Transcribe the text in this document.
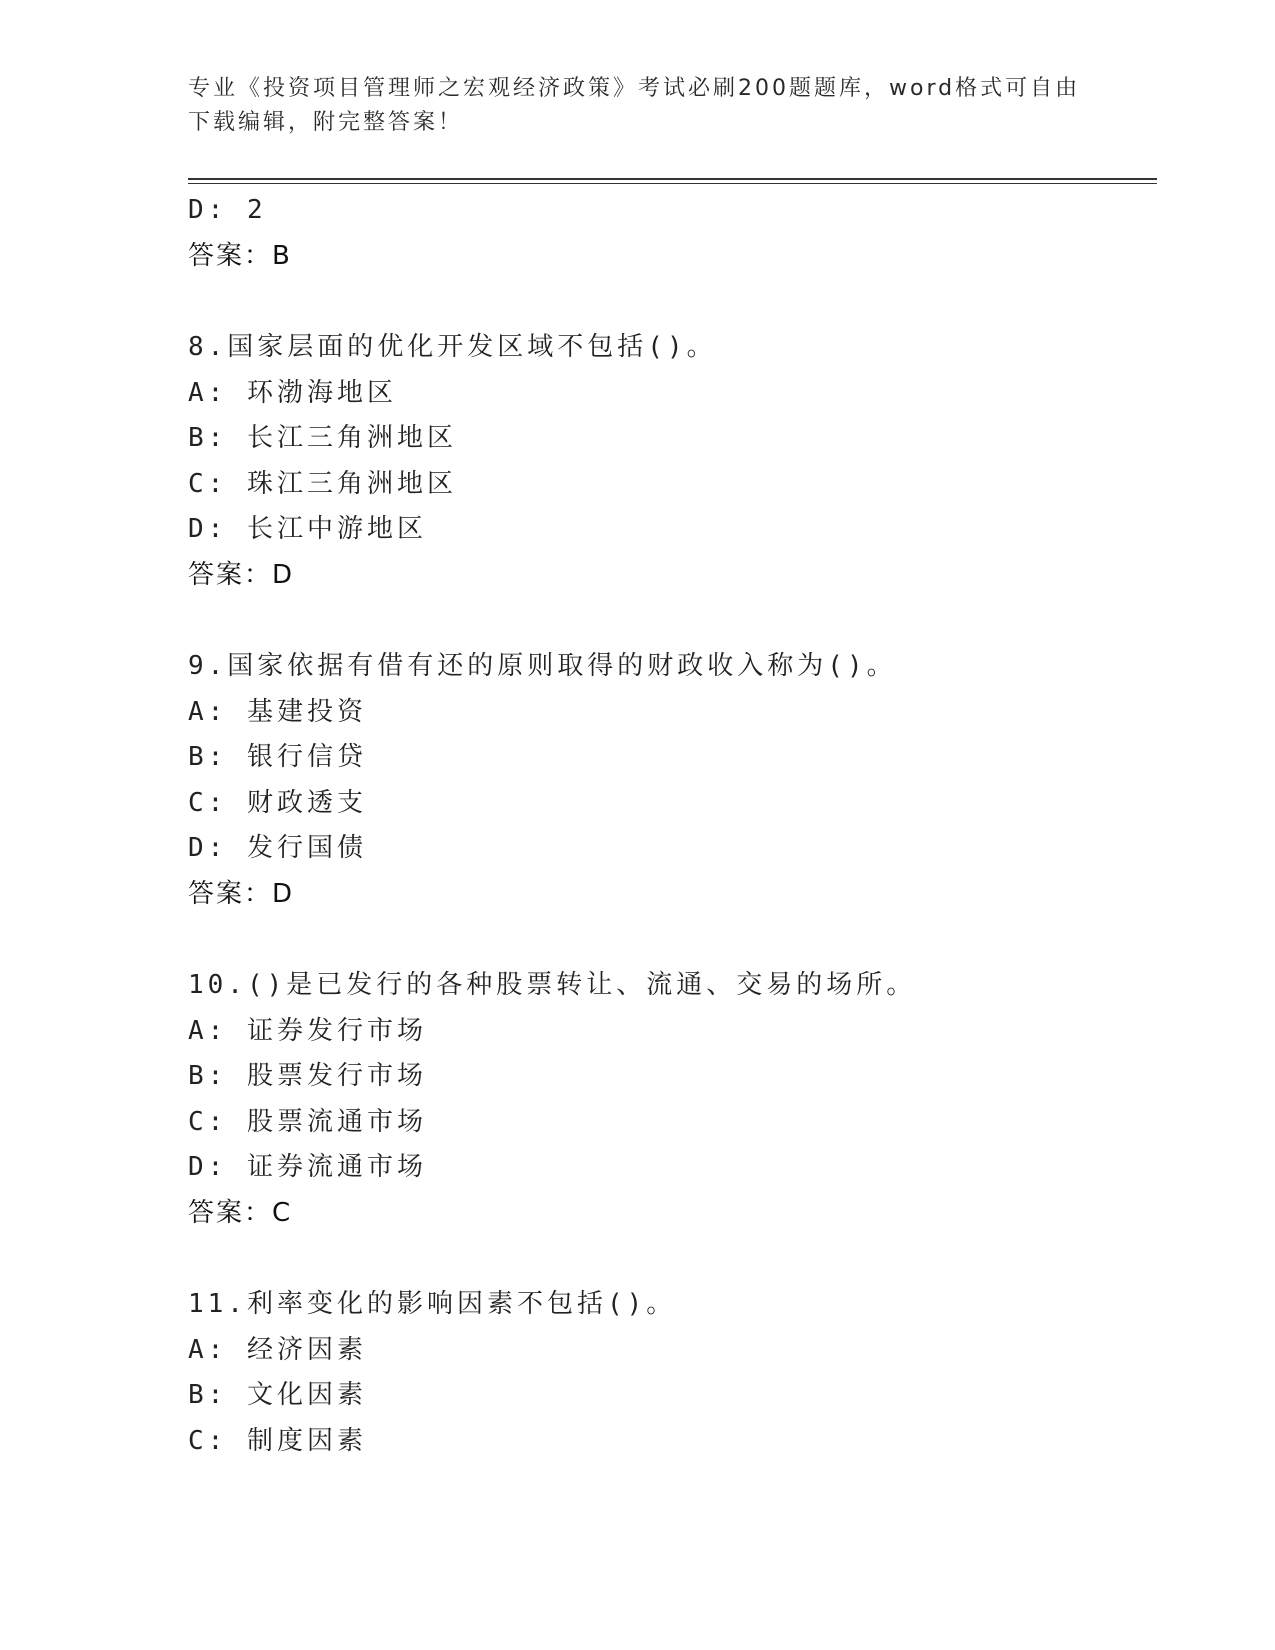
专业《投资项目管理师之宏观经济政策》考试必刷200题题库，word格式可自由
下载编辑，附完整答案！
D: 2
答案：B
8.国家层面的优化开发区域不包括()。
A: 环渤海地区
B: 长江三角洲地区
C: 珠江三角洲地区
D: 长江中游地区
答案：D
9.国家依据有借有还的原则取得的财政收入称为()。
A: 基建投资
B: 银行信贷
C: 财政透支
D: 发行国债
答案：D
10.()是已发行的各种股票转让、流通、交易的场所。
A: 证券发行市场
B: 股票发行市场
C: 股票流通市场
D: 证券流通市场
答案：C
11.利率变化的影响因素不包括()。
A: 经济因素
B: 文化因素
C: 制度因素
